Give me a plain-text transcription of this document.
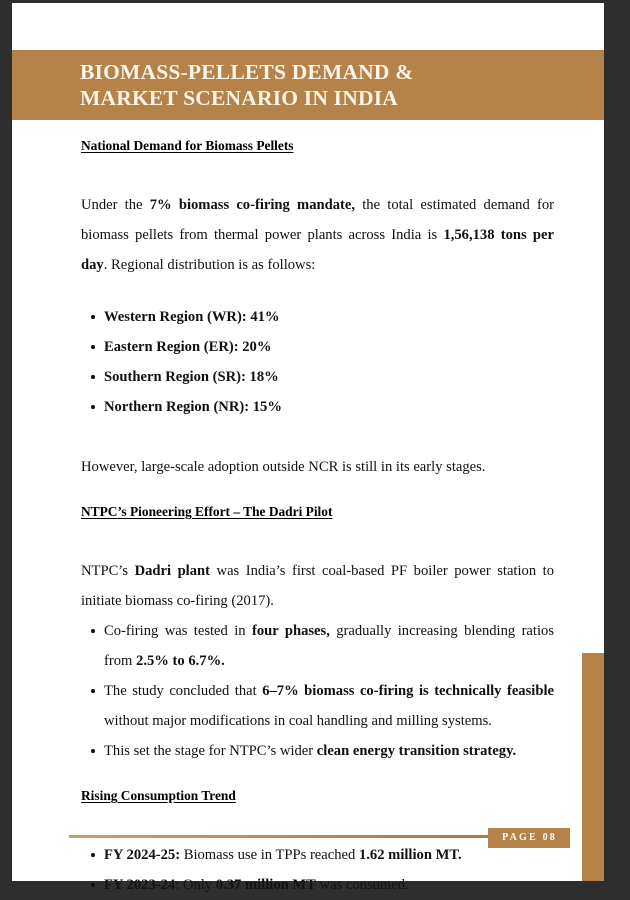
BIOMASS-PELLETS DEMAND &
MARKET SCENARIO IN INDIA
National Demand for Biomass Pellets

Under the 7% biomass co-firing mandate, the total estimated demand for biomass pellets from thermal power plants across India is 1,56,138 tons per day. Regional distribution is as follows:

Western Region (WR): 41%
Eastern Region (ER): 20%
Southern Region (SR): 18%
Northern Region (NR): 15%

However, large-scale adoption outside NCR is still in its early stages.

NTPC’s Pioneering Effort – The Dadri Pilot

NTPC’s Dadri plant was India’s first coal-based PF boiler power station to initiate biomass co-firing (2017).

Co-firing was tested in four phases, gradually increasing blending ratios from 2.5% to 6.7%.
The study concluded that 6–7% biomass co-firing is technically feasible without major modifications in coal handling and milling systems.
This set the stage for NTPC’s wider clean energy transition strategy.
Rising Consumption Trend
FY 2024-25: Biomass use in TPPs reached 1.62 million MT.
FY 2023-24: Only 0.37 million MT was consumed.
PAGE 08
